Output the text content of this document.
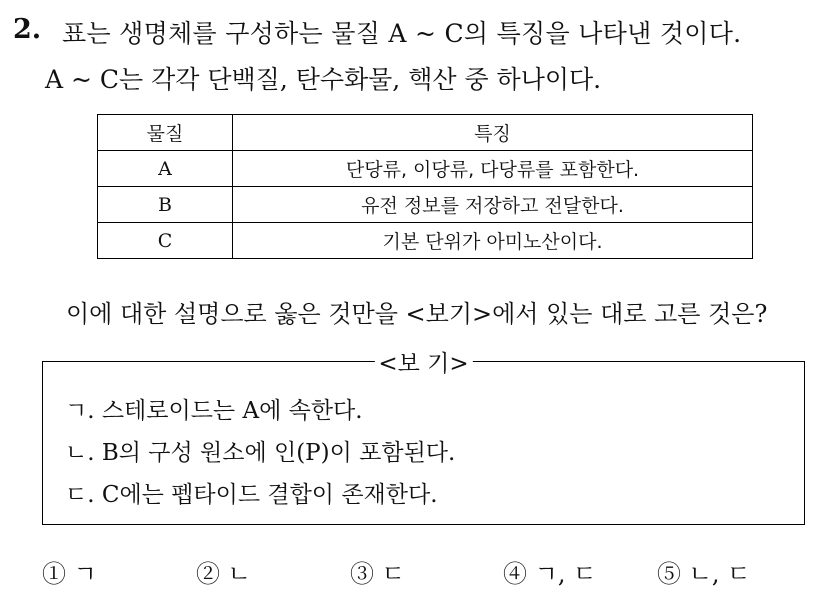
2. 표는 생명체를 구성하는 물질 A ~ C의 특징을 나타낸 것이다.
A ~ C는 각각 단백질, 탄수화물, 핵산 중 하나이다.
물질	특징
A	단당류, 이당류, 다당류를 포함한다.
B	유전 정보를 저장하고 전달한다.
C	기본 단위가 아미노산이다.
이에 대한 설명으로 옳은 것만을 <보기>에서 있는 대로 고른 것은?
<보 기>
ㄱ. 스테로이드는 A에 속한다.
ㄴ. B의 구성 원소에 인(P)이 포함된다.
ㄷ. C에는 펩타이드 결합이 존재한다.
① ㄱ	② ㄴ	③ ㄷ	④ ㄱ, ㄷ	⑤ ㄴ, ㄷ
